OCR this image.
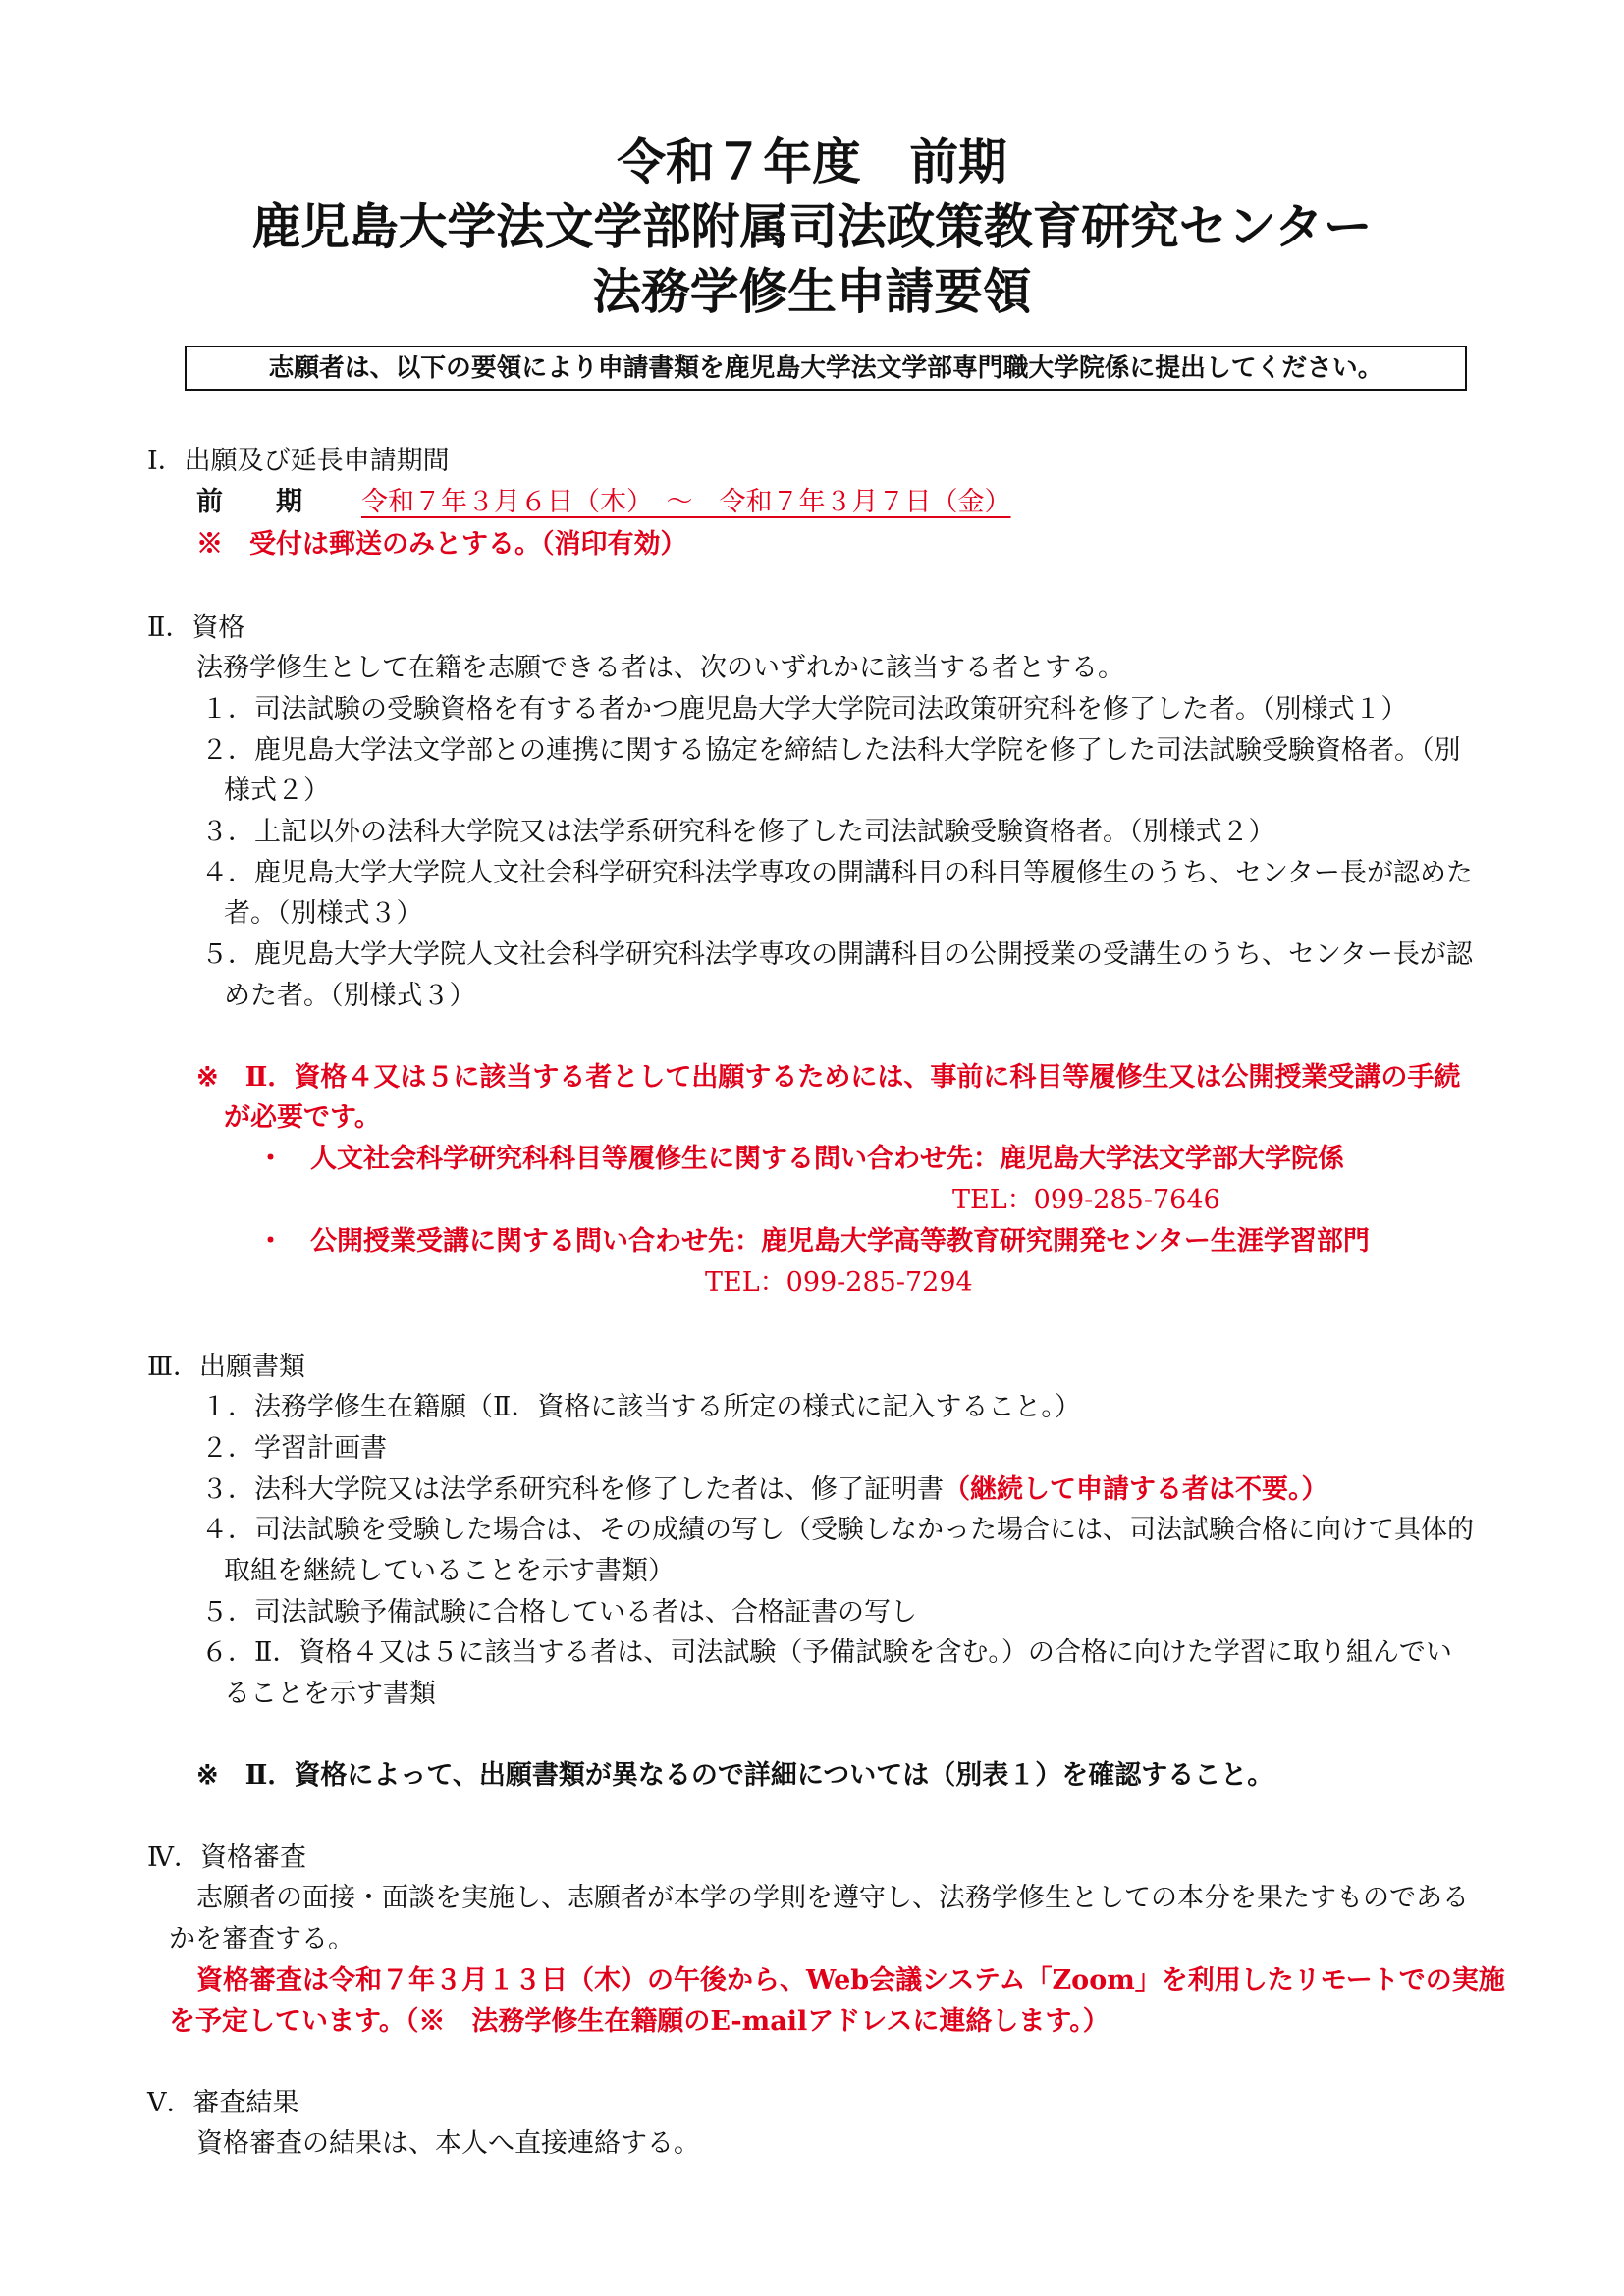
令和７年度　前期
鹿児島大学法文学部附属司法政策教育研究センター
法務学修生申請要領
志願者は、以下の要領により申請書類を鹿児島大学法文学部専門職大学院係に提出してください。
Ⅰ．出願及び延長申請期間
前　　期 令和７年３月６日（木）　～　令和７年３月７日（金）
※　受付は郵送のみとする。（消印有効）
Ⅱ．資格
法務学修生として在籍を志願できる者は、次のいずれかに該当する者とする。
１．司法試験の受験資格を有する者かつ鹿児島大学大学院司法政策研究科を修了した者。（別様式１）
２．鹿児島大学法文学部との連携に関する協定を締結した法科大学院を修了した司法試験受験資格者。（別
様式２）
３．上記以外の法科大学院又は法学系研究科を修了した司法試験受験資格者。（別様式２）
４．鹿児島大学大学院人文社会科学研究科法学専攻の開講科目の科目等履修生のうち、センター長が認めた
者。（別様式３）
５．鹿児島大学大学院人文社会科学研究科法学専攻の開講科目の公開授業の受講生のうち、センター長が認
めた者。（別様式３）
※　Ⅱ．資格４又は５に該当する者として出願するためには、事前に科目等履修生又は公開授業受講の手続
が必要です。
・　人文社会科学研究科科目等履修生に関する問い合わせ先：鹿児島大学法文学部大学院係
TEL：099-285-7646
・　公開授業受講に関する問い合わせ先：鹿児島大学高等教育研究開発センター生涯学習部門
TEL：099-285-7294
Ⅲ．出願書類
１．法務学修生在籍願（Ⅱ．資格に該当する所定の様式に記入すること。）
２．学習計画書
３．法科大学院又は法学系研究科を修了した者は、修了証明書（継続して申請する者は不要。）
４．司法試験を受験した場合は、その成績の写し（受験しなかった場合には、司法試験合格に向けて具体的
取組を継続していることを示す書類）
５．司法試験予備試験に合格している者は、合格証書の写し
６．Ⅱ．資格４又は５に該当する者は、司法試験（予備試験を含む。）の合格に向けた学習に取り組んでい
ることを示す書類
※　Ⅱ．資格によって、出願書類が異なるので詳細については（別表１）を確認すること。
Ⅳ．資格審査
志願者の面接・面談を実施し、志願者が本学の学則を遵守し、法務学修生としての本分を果たすものである
かを審査する。
資格審査は令和７年３月１３日（木）の午後から、Web会議システム「Zoom」を利用したリモートでの実施
を予定しています。（※　法務学修生在籍願のE-mailアドレスに連絡します。）
Ⅴ．審査結果
資格審査の結果は、本人へ直接連絡する。
